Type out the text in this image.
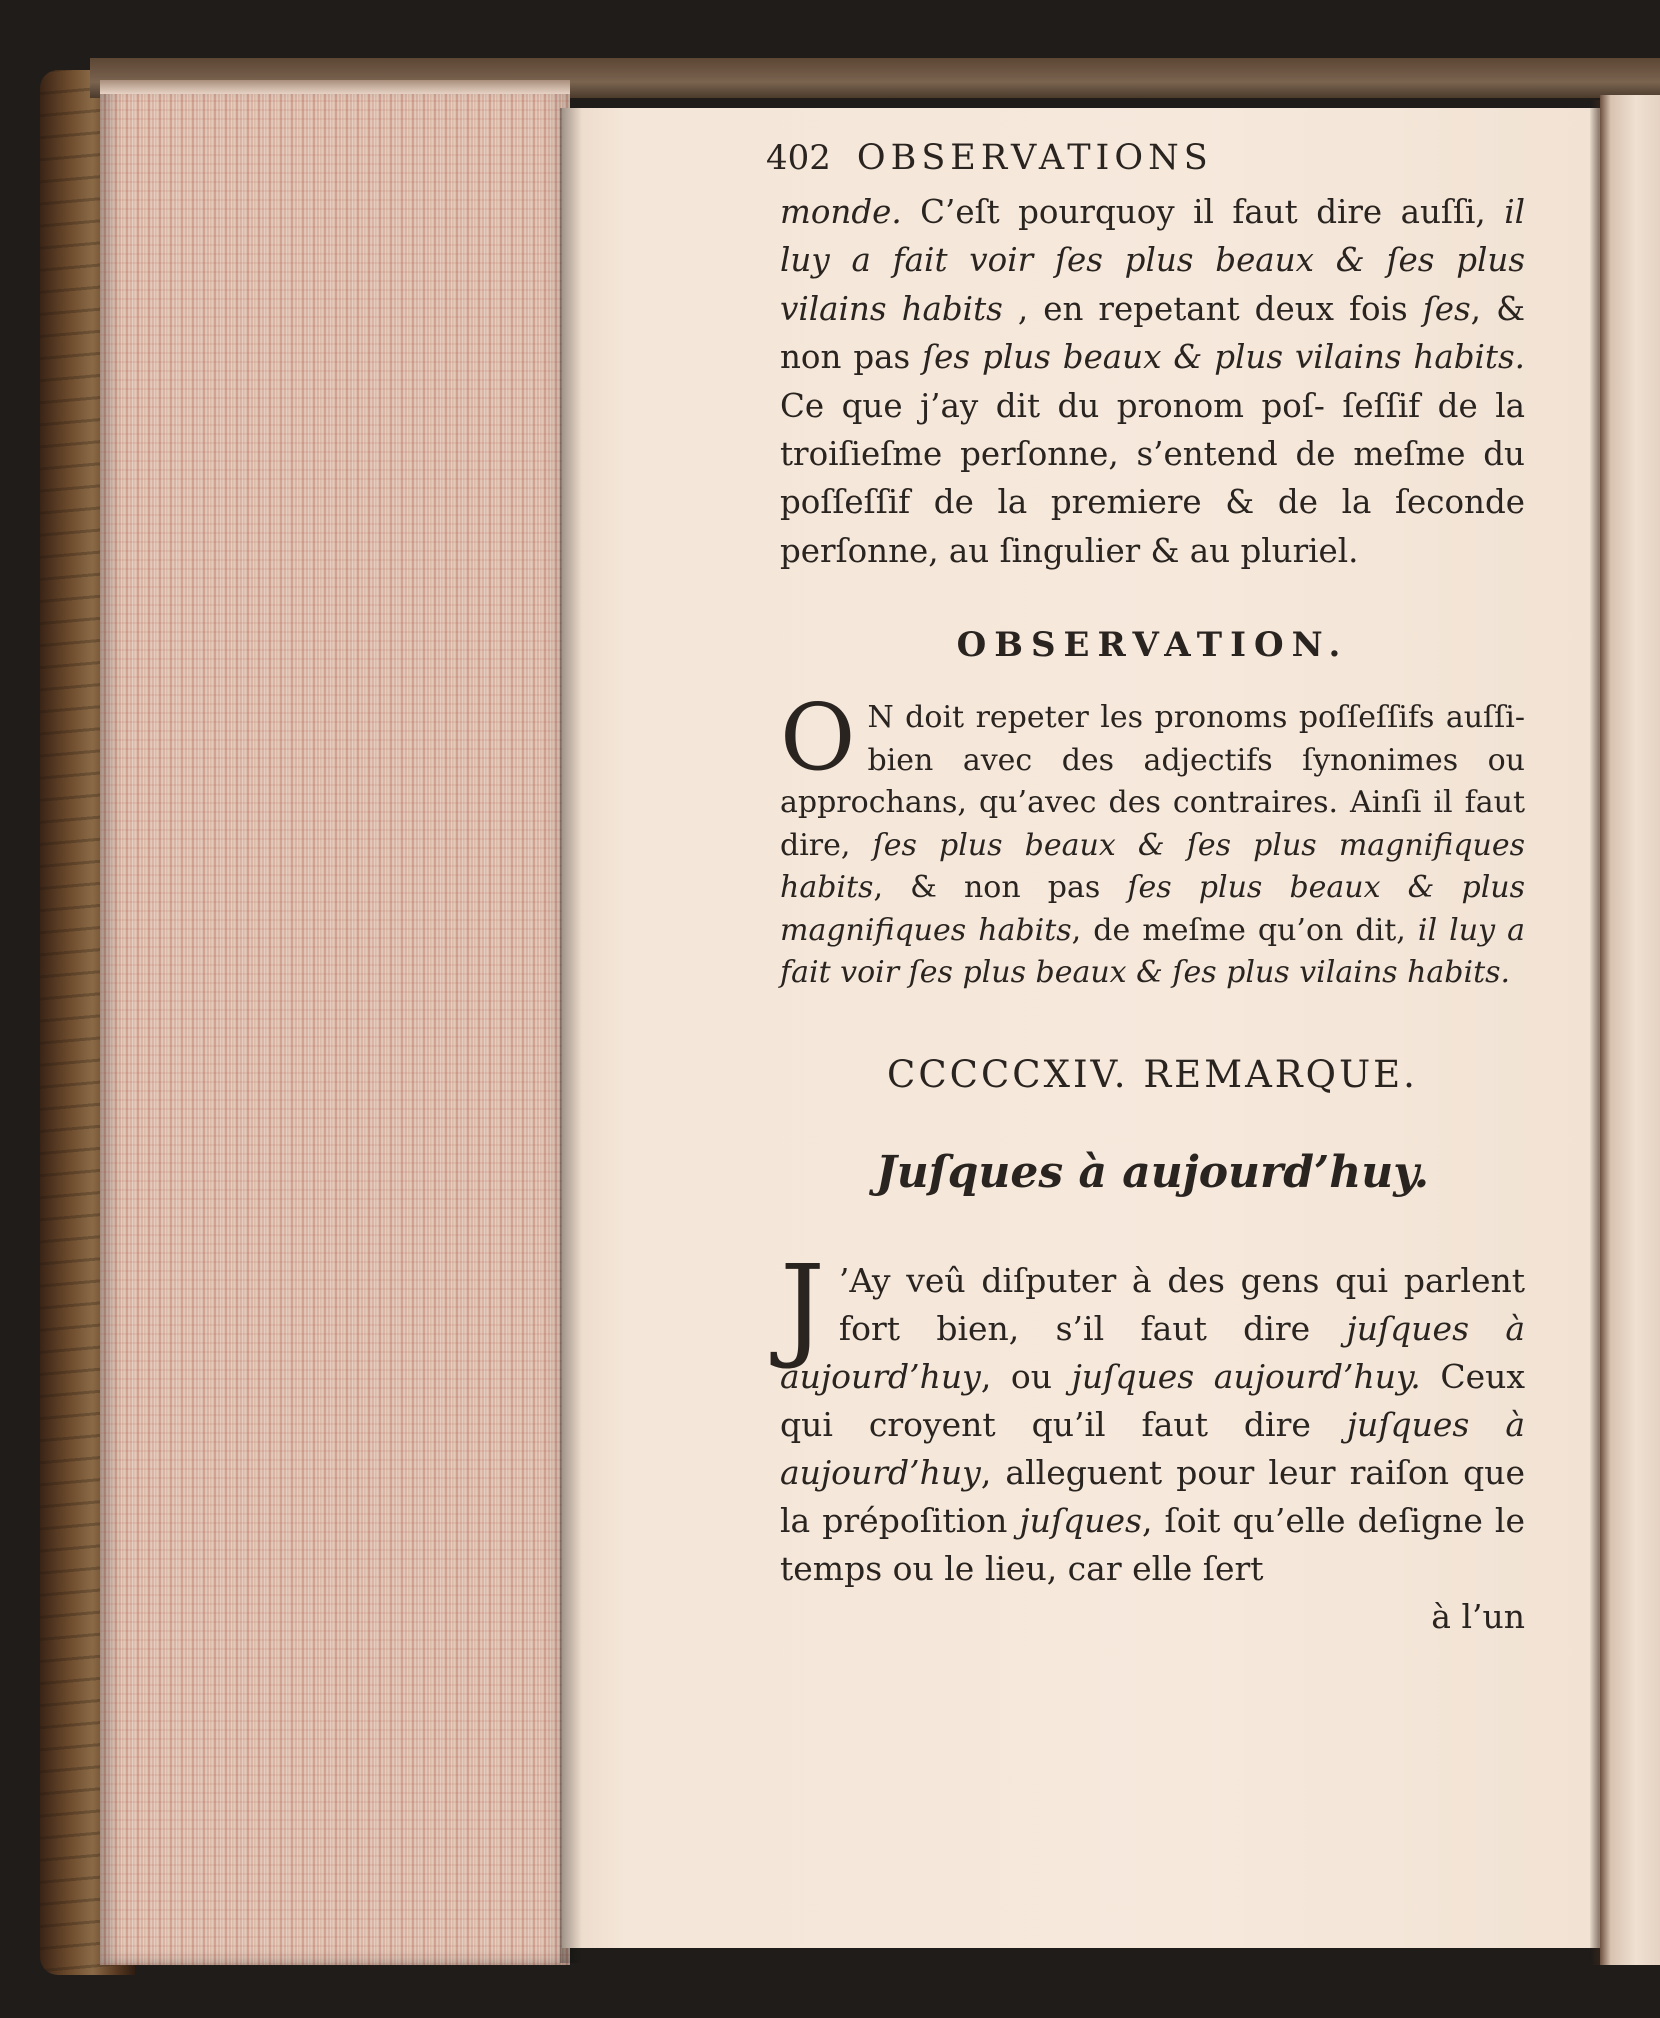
402 OBSERVATIONS

monde. C’eſt pourquoy il faut dire auſſi, il luy a fait voir ſes plus beaux & ſes plus vilains habits , en repetant deux fois ſes, & non pas ſes plus beaux & plus vilains habits. Ce que j’ay dit du pronom poſ- ſeſſif de la troiſieſme perſonne, s’entend de meſme du poſſeſſif de la premiere & de la ſeconde perſonne, au ſingulier & au pluriel.

OBSERVATION.

O N doit repeter les pronoms poſſeſſifs auſſi-bien avec des adjectifs ſynonimes ou approchans, qu’avec des contraires. Ainſi il faut dire, ſes plus beaux & ſes plus magnifiques habits, & non pas ſes plus beaux & plus magnifiques habits, de meſme qu’on dit, il luy a fait voir ſes plus beaux & ſes plus vilains habits.

CCCCCXIV. REMARQUE.
Juſques à aujourd’huy.

J ’Ay veû diſputer à des gens qui parlent fort bien, s’il faut dire juſques à aujourd’huy, ou juſques aujourd’huy. Ceux qui croyent qu’il faut dire juſques à aujourd’huy, alleguent pour leur raiſon que la prépoſition juſques, ſoit qu’elle deſigne le temps ou le lieu, car elle ſert

à l’un
